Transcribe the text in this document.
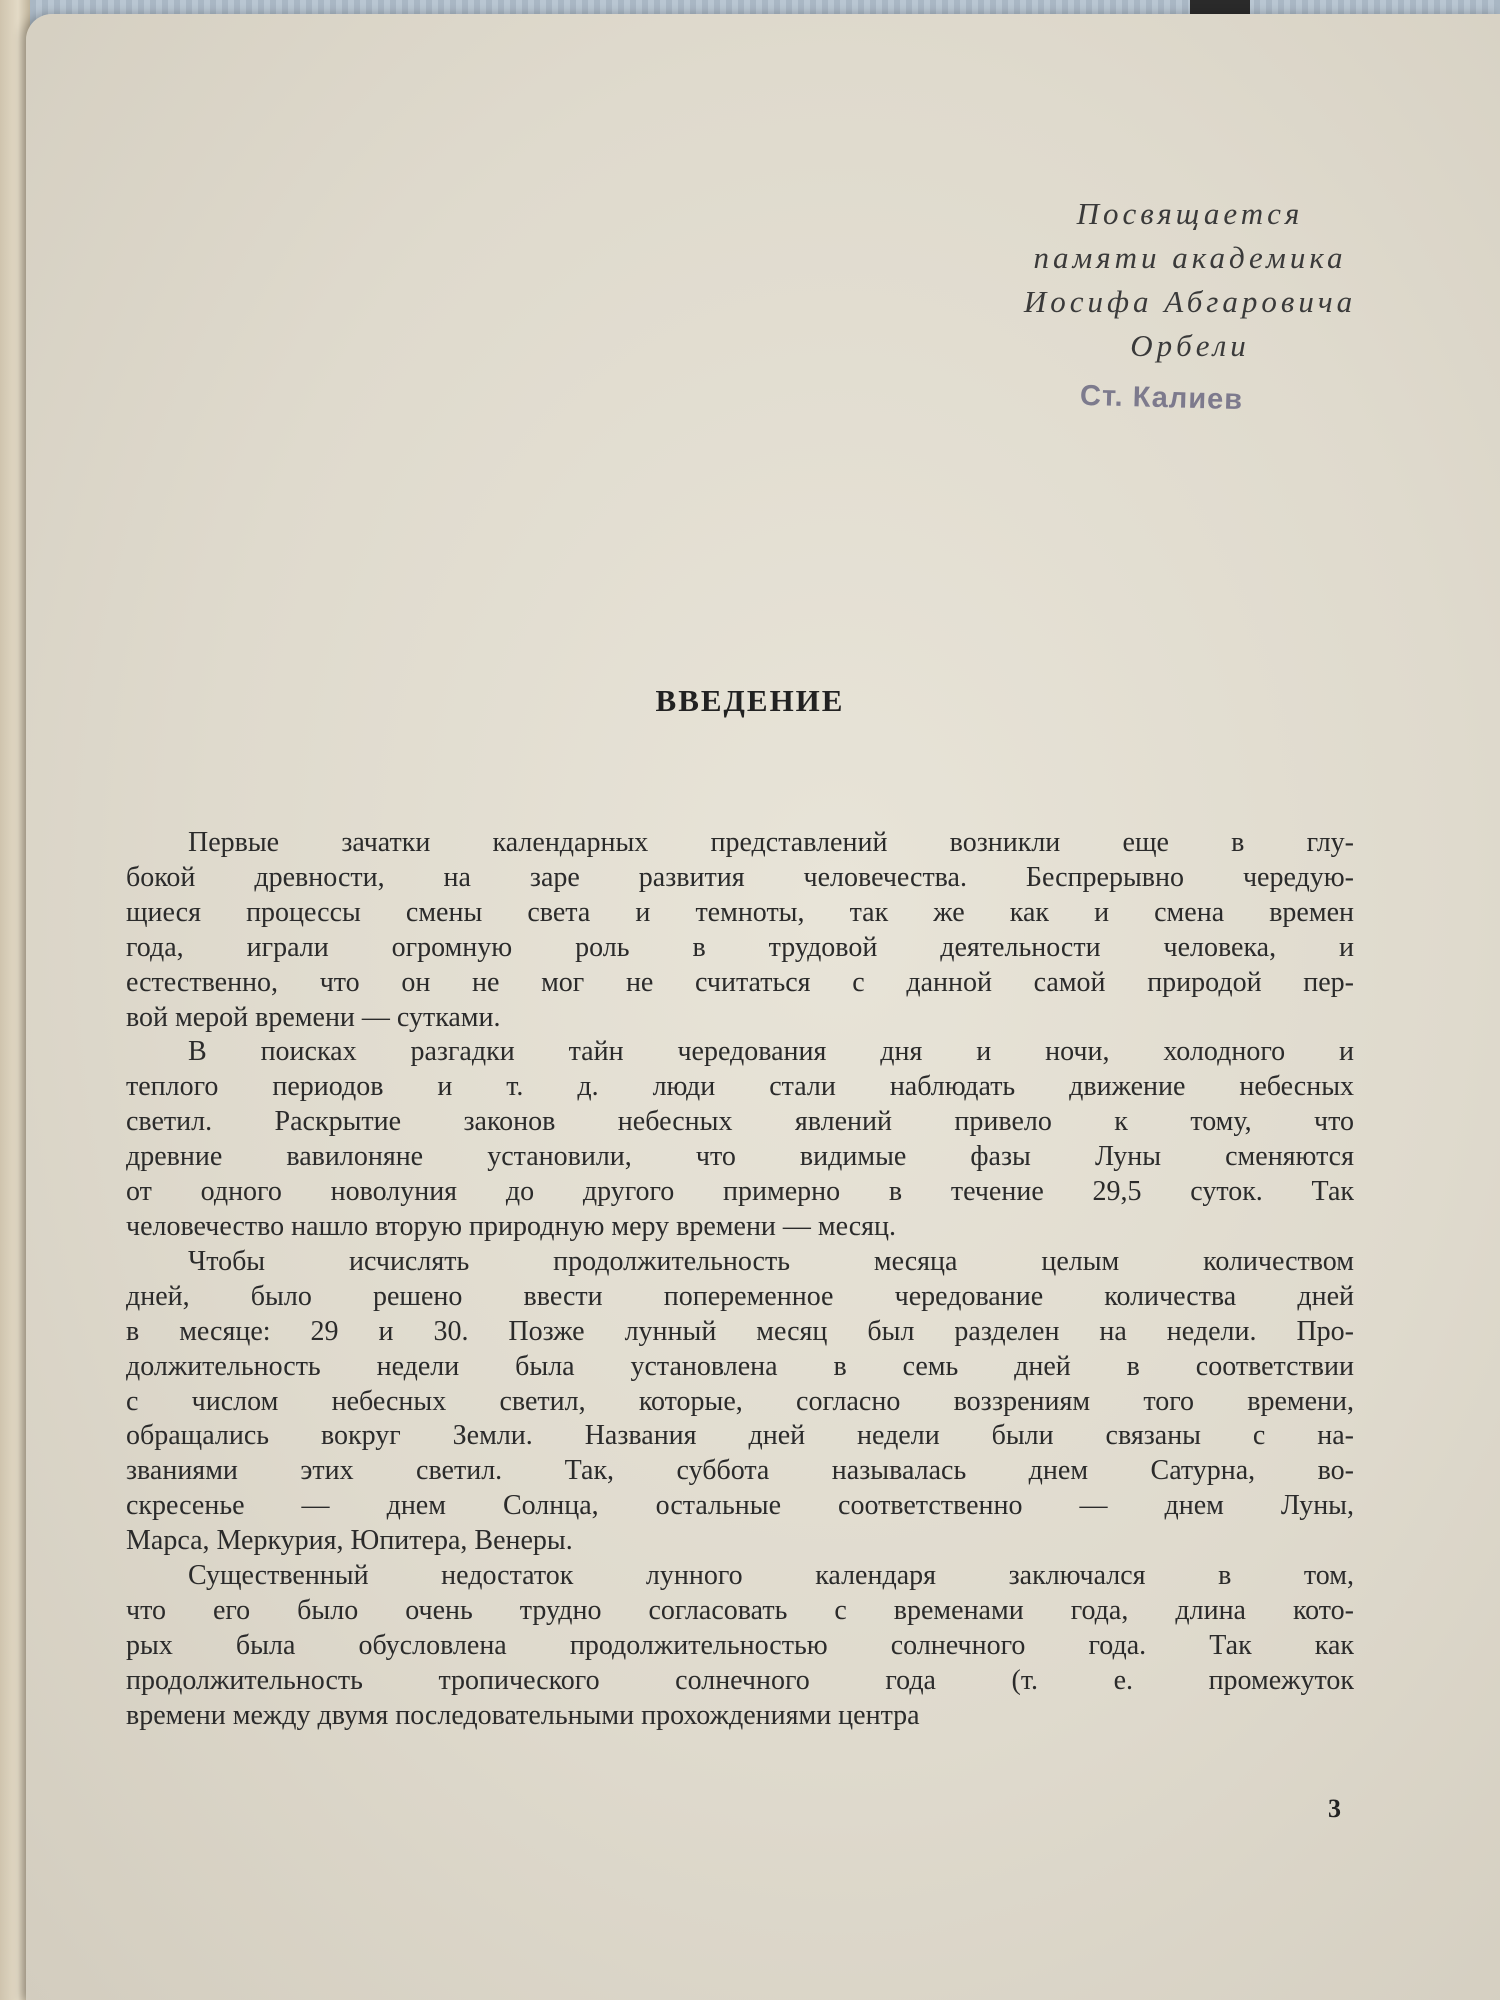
Посвящается
памяти академика
Иосифа Абгаровича
Орбели
Ст. Калиев
ВВЕДЕНИЕ
Первые зачатки календарных представлений возникли еще в глу-
бокой древности, на заре развития человечества. Беспрерывно чередую-
щиеся процессы смены света и темноты, так же как и смена времен
года, играли огромную роль в трудовой деятельности человека, и
естественно, что он не мог не считаться с данной самой природой пер-
вой мерой времени — сутками.
В поисках разгадки тайн чередования дня и ночи, холодного и
теплого периодов и т. д. люди стали наблюдать движение небесных
светил. Раскрытие законов небесных явлений привело к тому, что
древние вавилоняне установили, что видимые фазы Луны сменяются
от одного новолуния до другого примерно в течение 29,5 суток. Так
человечество нашло вторую природную меру времени — месяц.
Чтобы исчислять продолжительность месяца целым количеством
дней, было решено ввести попеременное чередование количества дней
в месяце: 29 и 30. Позже лунный месяц был разделен на недели. Про-
должительность недели была установлена в семь дней в соответствии
с числом небесных светил, которые, согласно воззрениям того времени,
обращались вокруг Земли. Названия дней недели были связаны с на-
званиями этих светил. Так, суббота называлась днем Сатурна, во-
скресенье — днем Солнца, остальные соответственно — днем Луны,
Марса, Меркурия, Юпитера, Венеры.
Существенный недостаток лунного календаря заключался в том,
что его было очень трудно согласовать с временами года, длина кото-
рых была обусловлена продолжительностью солнечного года. Так как
продолжительность тропического солнечного года (т. е. промежуток
времени между двумя последовательными прохождениями центра
3
